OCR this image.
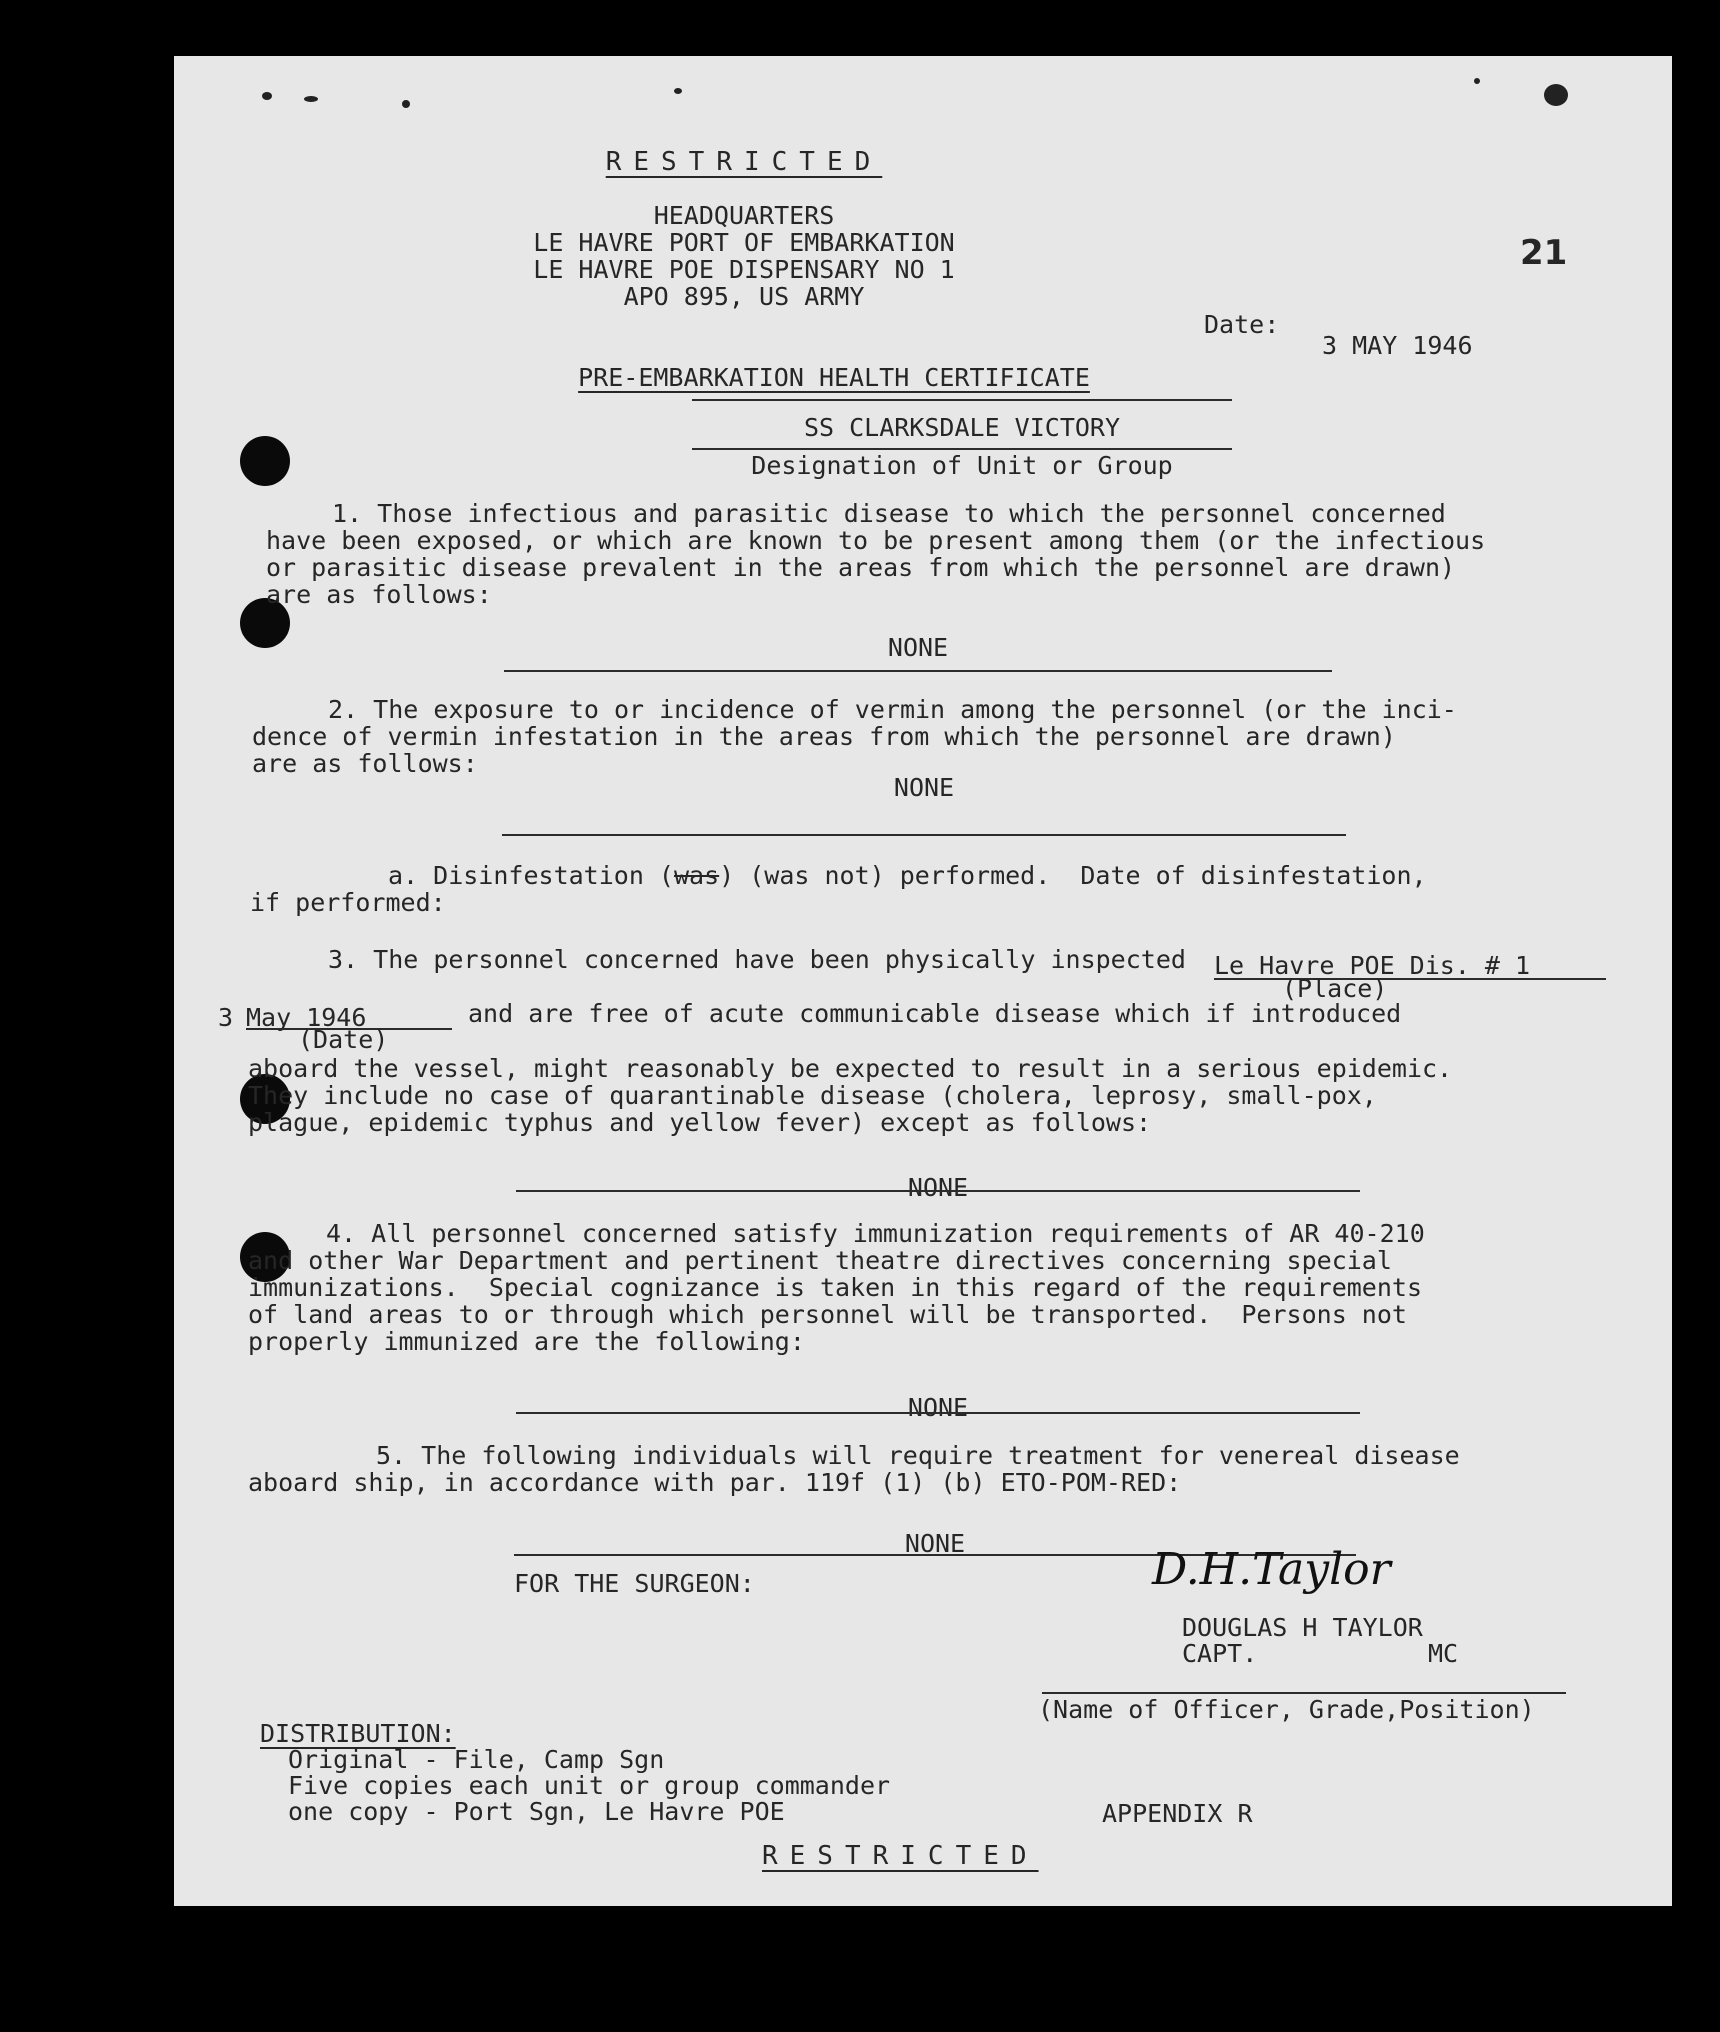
RESTRICTED
HEADQUARTERS
LE HAVRE PORT OF EMBARKATION
LE HAVRE POE DISPENSARY NO 1
APO 895, US ARMY
21
Date:
3 MAY 1946
PRE-EMBARKATION HEALTH CERTIFICATE
SS CLARKSDALE VICTORY
Designation of Unit or Group
1. Those infectious and parasitic disease to which the personnel concerned
have been exposed, or which are known to be present among them (or the infectious
or parasitic disease prevalent in the areas from which the personnel are drawn)
are as follows:
NONE
2. The exposure to or incidence of vermin among the personnel (or the inci-
dence of vermin infestation in the areas from which the personnel are drawn)
are as follows:
NONE
a. Disinfestation (was) (was not) performed.  Date of disinfestation,
if performed:
3. The personnel concerned have been physically inspected Le Havre POE Dis. # 1
(Place)
3 May 1946
(Date)
and are free of acute communicable disease which if introduced
aboard the vessel, might reasonably be expected to result in a serious epidemic.
They include no case of quarantinable disease (cholera, leprosy, small-pox,
plague, epidemic typhus and yellow fever) except as follows:
NONE
4. All personnel concerned satisfy immunization requirements of AR 40-210
and other War Department and pertinent theatre directives concerning special
immunizations.  Special cognizance is taken in this regard of the requirements
of land areas to or through which personnel will be transported.  Persons not
properly immunized are the following:
NONE
5. The following individuals will require treatment for venereal disease
aboard ship, in accordance with par. 119f (1) (b) ETO-POM-RED:
NONE
FOR THE SURGEON:	D.H.Taylor
DOUGLAS H TAYLOR
CAPT.	MC
(Name of Officer, Grade,Position)
DISTRIBUTION:
Original - File, Camp Sgn
Five copies each unit or group commander
one copy - Port Sgn, Le Havre POE	APPENDIX R
RESTRICTED
